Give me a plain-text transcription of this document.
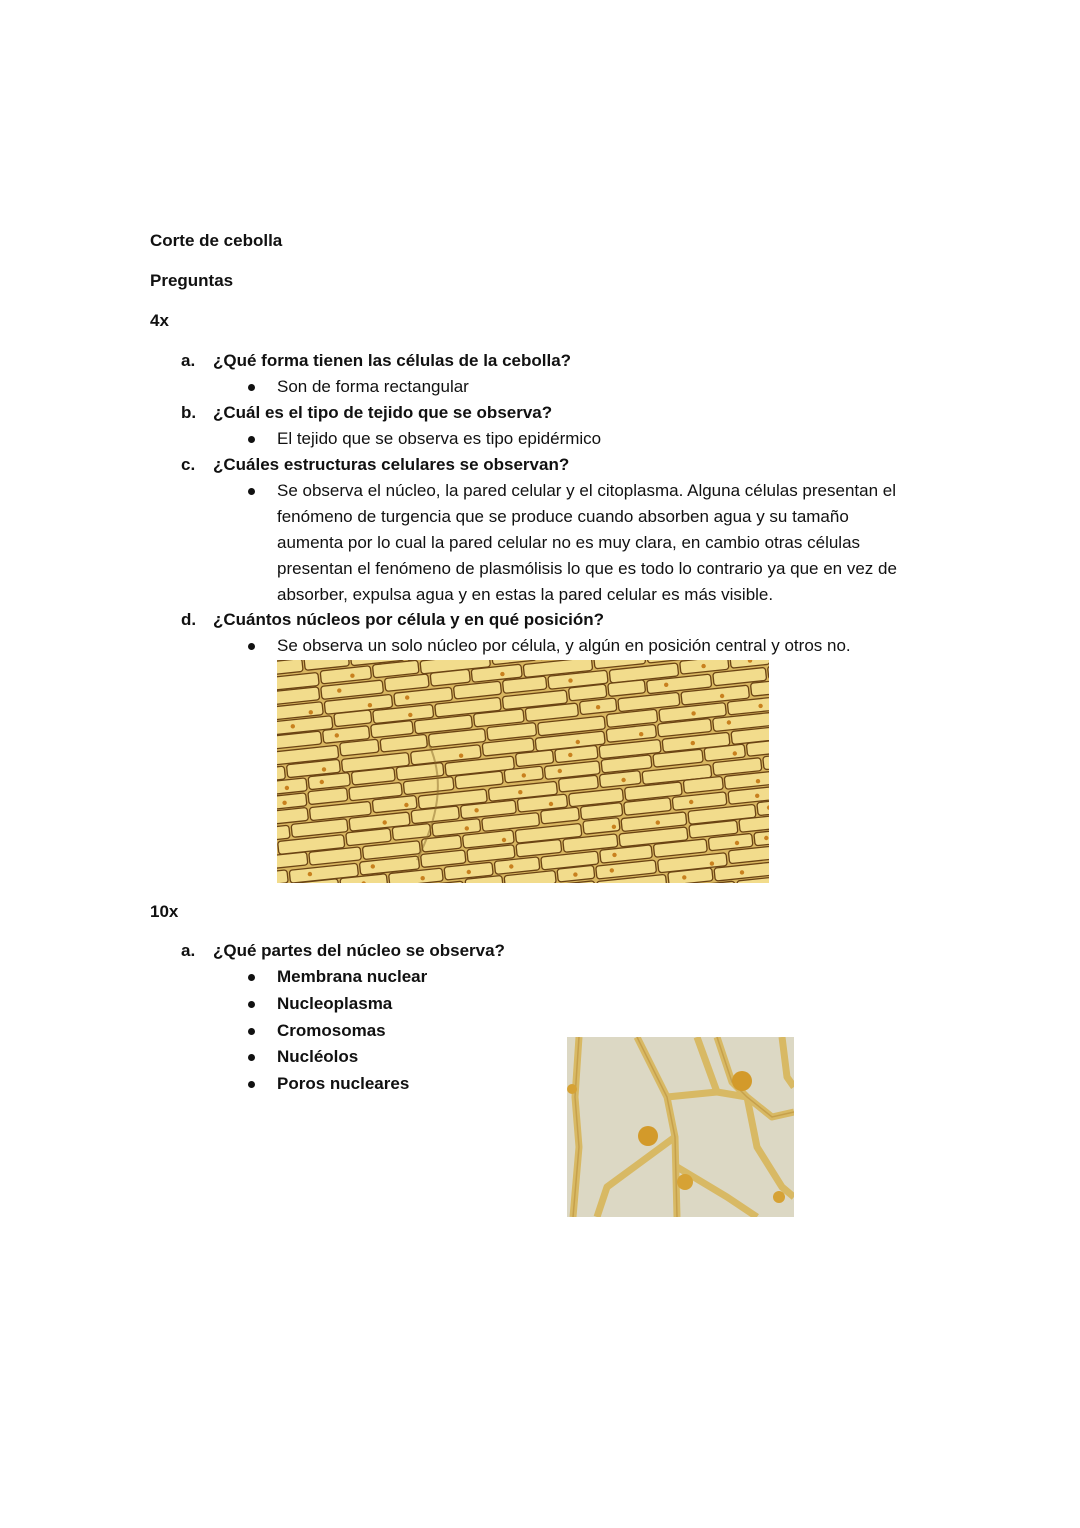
Corte de cebolla
Preguntas
4x
a. ¿Qué forma tienen las células de la cebolla?
Son de forma rectangular
b. ¿Cuál es el tipo de tejido que se observa?
El tejido que se observa es tipo epidérmico
c. ¿Cuáles estructuras celulares se observan?
Se observa el núcleo, la pared celular y el citoplasma. Alguna células presentan el
fenómeno de turgencia que se produce cuando absorben agua y su tamaño
aumenta por lo cual la pared celular no es muy clara, en cambio otras células
presentan el fenómeno de plasmólisis lo que es todo lo contrario ya que en vez de
absorber, expulsa agua y en estas la pared celular es más visible.
d. ¿Cuántos núcleos por célula y en qué posición?
Se observa un solo núcleo por célula, y algún en posición central y otros no.
10x
a. ¿Qué partes del núcleo se observa?
Membrana nuclear
Nucleoplasma
Cromosomas
Nucléolos
Poros nucleares
